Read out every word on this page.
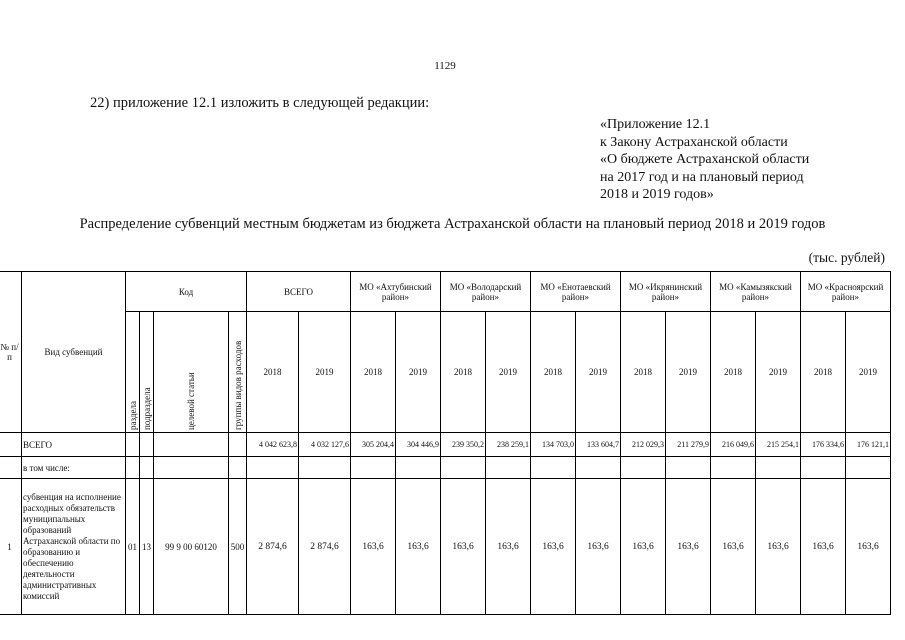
1129
22) приложение 12.1 изложить в следующей редакции:
«Приложение 12.1
к Закону Астраханской области
«О бюджете Астраханской области
на 2017 год и на плановый период
2018 и 2019 годов»
Распределение субвенций местным бюджетам из бюджета Астраханской области на плановый период 2018 и 2019 годов
(тыс. рублей)
№ п/п	Вид субвенций	Код				ВСЕГО		МО «Ахтубинский район»		МО «Володарский район»		МО «Енотаевский район»		МО «Икрянинский район»		МО «Камызякский район»		МО «Красноярский район»	

		раздела	подраздела	целевой статьи	группы видов расходов	2018	2019	2018	2019	2018	2019	2018	2019	2018	2019	2018	2019	2018	2019
	ВСЕГО					4 042 623,8	4 032 127,6	305 204,4	304 446,9	239 350,2	238 259,1	134 703,0	133 604,7	212 029,3	211 279,9	216 049,6	215 254,1	176 334,6	176 121,1
	в том числе:																		
1	субвенция на исполнение расходных обязательств муниципальных образований Астраханской области по образованию и обеспечению деятельности административных комиссий	01	13	99 9 00 60120	500	2 874,6	2 874,6	163,6	163,6	163,6	163,6	163,6	163,6	163,6	163,6	163,6	163,6	163,6	163,6
